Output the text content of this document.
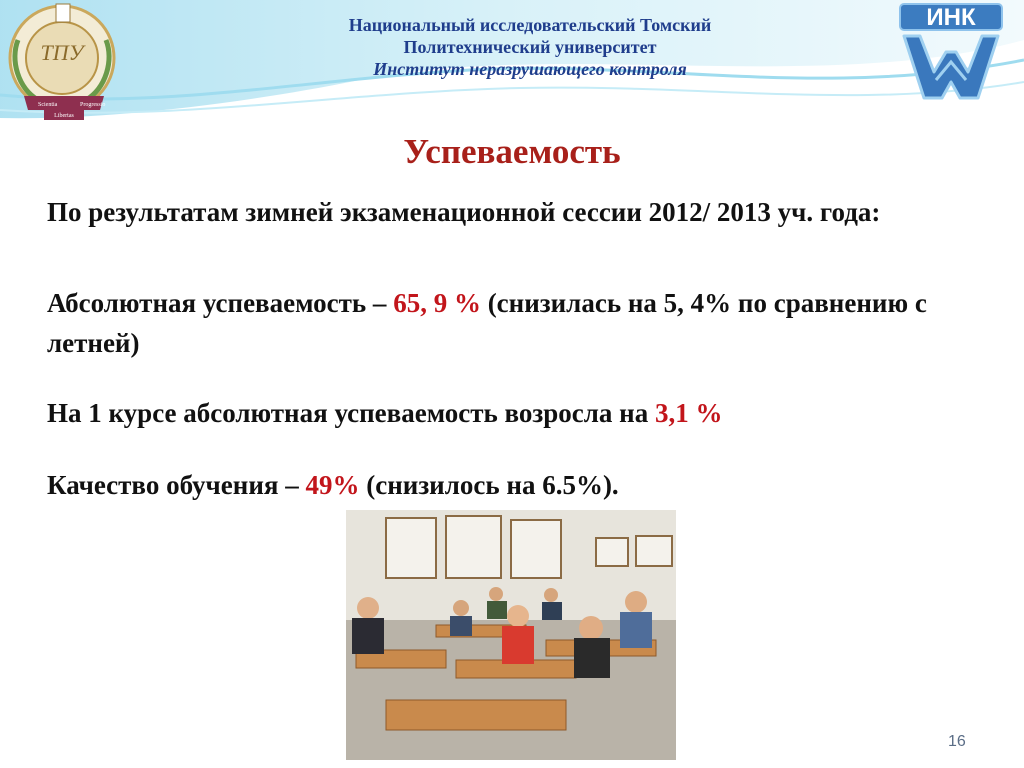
ТПУ
Scientia	Progressio
Libertas
Национальный исследовательский Томский
Политехнический университет
Институт неразрушающего контроля
ИНК
Успеваемость
По результатам зимней экзаменационной сессии 2012/ 2013 уч. года:
Абсолютная успеваемость – 65, 9 % (снизилась на 5, 4% по сравнению с летней)
На 1 курсе абсолютная успеваемость возросла на 3,1 %
Качество обучения – 49% (снизилось на 6.5%).
16
